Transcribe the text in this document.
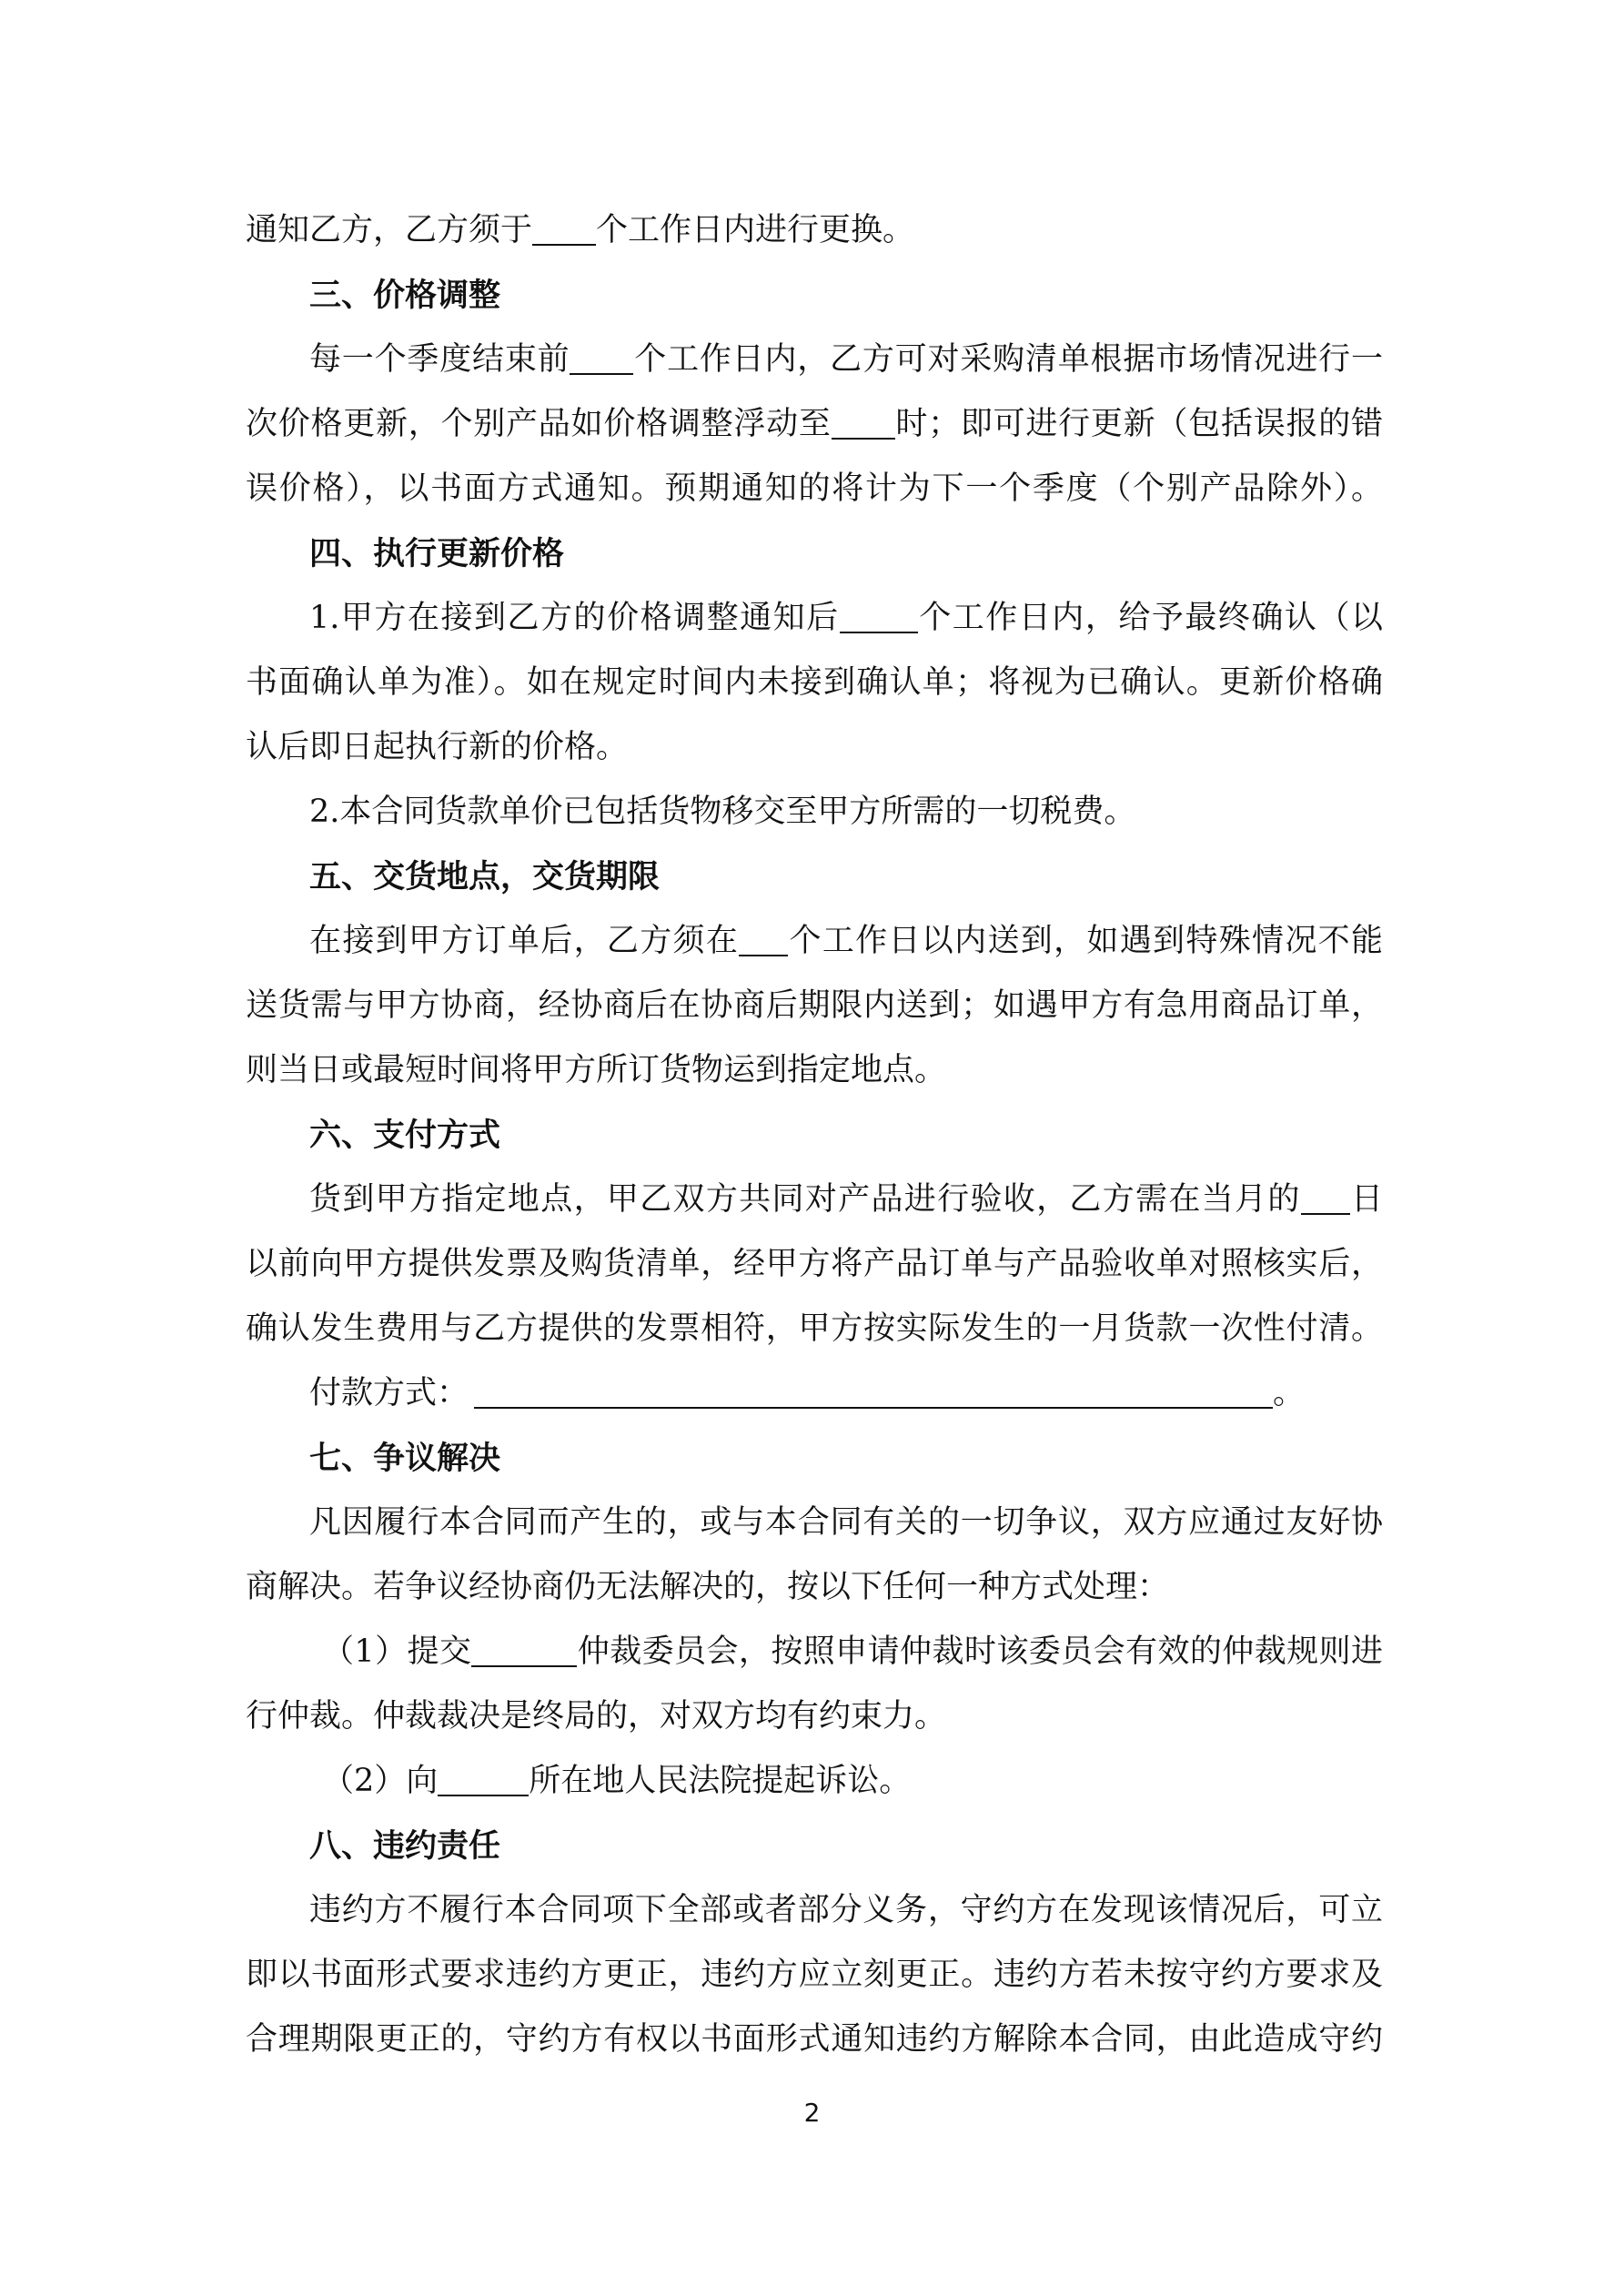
通知乙方，乙方须于 个工作日内进行更换。
三、价格调整
每一个季度结束前 个工作日内，乙方可对采购清单根据市场情况进行一
次价格更新，个别产品如价格调整浮动至 时；即可进行更新（包括误报的错
误价格），以书面方式通知。预期通知的将计为下一个季度（个别产品除外）。
四、执行更新价格
1.甲方在接到乙方的价格调整通知后 个工作日内，给予最终确认（以
书面确认单为准）。如在规定时间内未接到确认单；将视为已确认。更新价格确
认后即日起执行新的价格。
2.本合同货款单价已包括货物移交至甲方所需的一切税费。
五、交货地点，交货期限
在接到甲方订单后，乙方须在 个工作日以内送到，如遇到特殊情况不能
送货需与甲方协商，经协商后在协商后期限内送到；如遇甲方有急用商品订单，
则当日或最短时间将甲方所订货物运到指定地点。
六、支付方式
货到甲方指定地点，甲乙双方共同对产品进行验收，乙方需在当月的 日
以前向甲方提供发票及购货清单，经甲方将产品订单与产品验收单对照核实后，
确认发生费用与乙方提供的发票相符，甲方按实际发生的一月货款一次性付清。
付款方式：	。
七、争议解决
凡因履行本合同而产生的，或与本合同有关的一切争议，双方应通过友好协
商解决。若争议经协商仍无法解决的，按以下任何一种方式处理：
（1）提交	仲裁委员会，按照申请仲裁时该委员会有效的仲裁规则进
行仲裁。仲裁裁决是终局的，对双方均有约束力。
（2）向	所在地人民法院提起诉讼。
八、违约责任
违约方不履行本合同项下全部或者部分义务，守约方在发现该情况后，可立
即以书面形式要求违约方更正，违约方应立刻更正。违约方若未按守约方要求及
合理期限更正的，守约方有权以书面形式通知违约方解除本合同，由此造成守约
2
